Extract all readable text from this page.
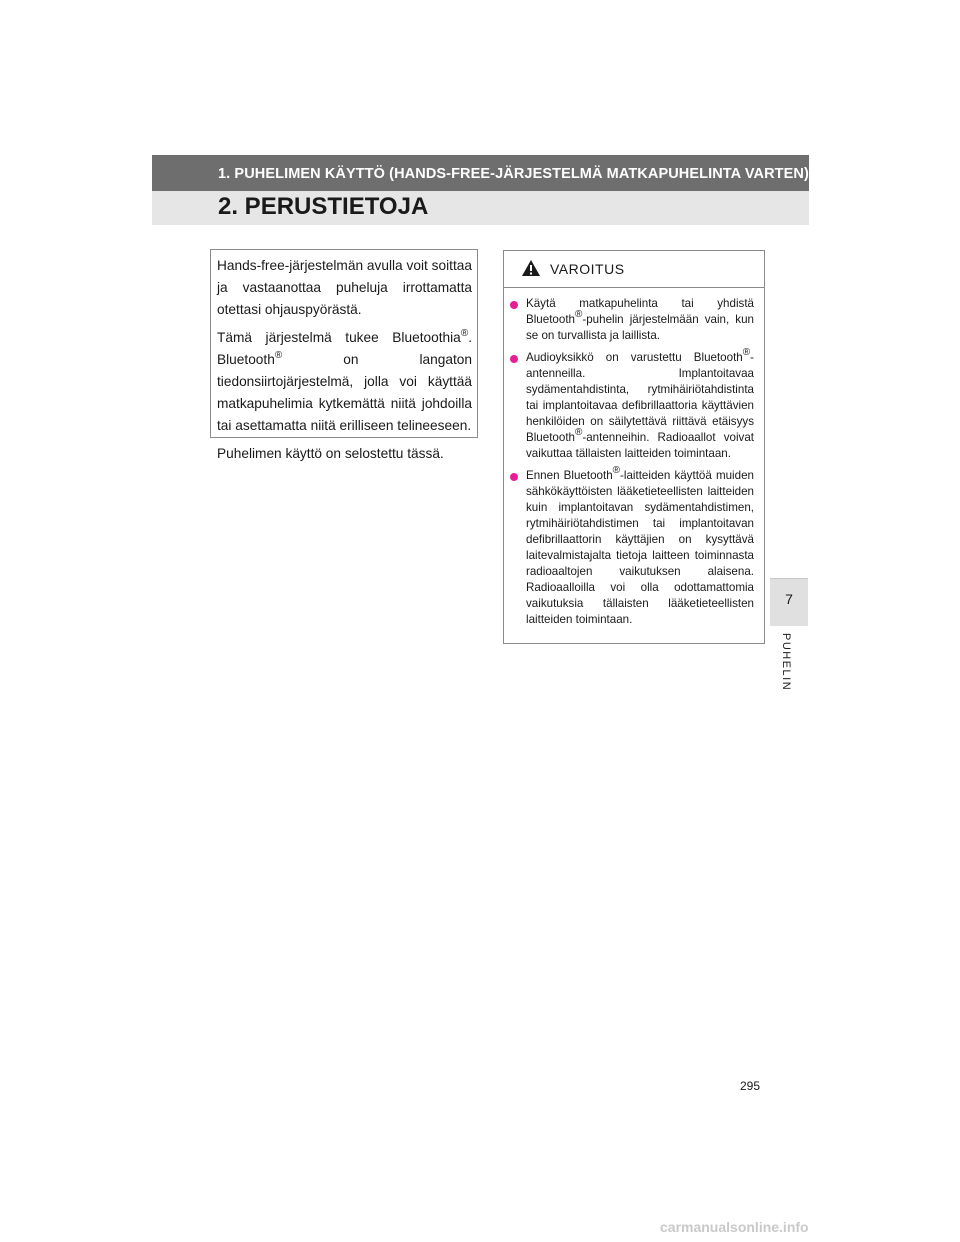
1. PUHELIMEN KÄYTTÖ (HANDS-FREE-JÄRJESTELMÄ MATKAPUHELINTA VARTEN)
2. PERUSTIETOJA

Hands-free-järjestelmän avulla voit soittaa ja vastaanottaa puheluja irrottamatta otettasi ohjauspyörästä.

Tämä järjestelmä tukee Bluetoothia®. Bluetooth® on langaton tiedonsiirtojärjestelmä, jolla voi käyttää matkapuhelimia kytkemättä niitä johdoilla tai asettamatta niitä erilliseen telineeseen.

Puhelimen käyttö on selostettu tässä.

VAROITUS

Käytä matkapuhelinta tai yhdistä Bluetooth®-puhelin järjestelmään vain, kun se on turvallista ja laillista.

Audioyksikkö on varustettu Bluetooth®-antenneilla. Implantoitavaa sydämentahdistinta, rytmihäiriötahdistinta tai implantoitavaa defibrillaattoria käyttävien henkilöiden on säilytettävä riittävä etäisyys Bluetooth®-antenneihin. Radioaallot voivat vaikuttaa tällaisten laitteiden toimintaan.

Ennen Bluetooth®-laitteiden käyttöä muiden sähkökäyttöisten lääketieteellisten laitteiden kuin implantoitavan sydämentahdistimen, rytmihäiriötahdistimen tai implantoitavan defibrillaattorin käyttäjien on kysyttävä laitevalmistajalta tietoja laitteen toiminnasta radioaaltojen vaikutuksen alaisena. Radioaalloilla voi olla odottamattomia vaikutuksia tällaisten lääketieteellisten laitteiden toimintaan.

7
PUHELIN
295
carmanualsonline.info
